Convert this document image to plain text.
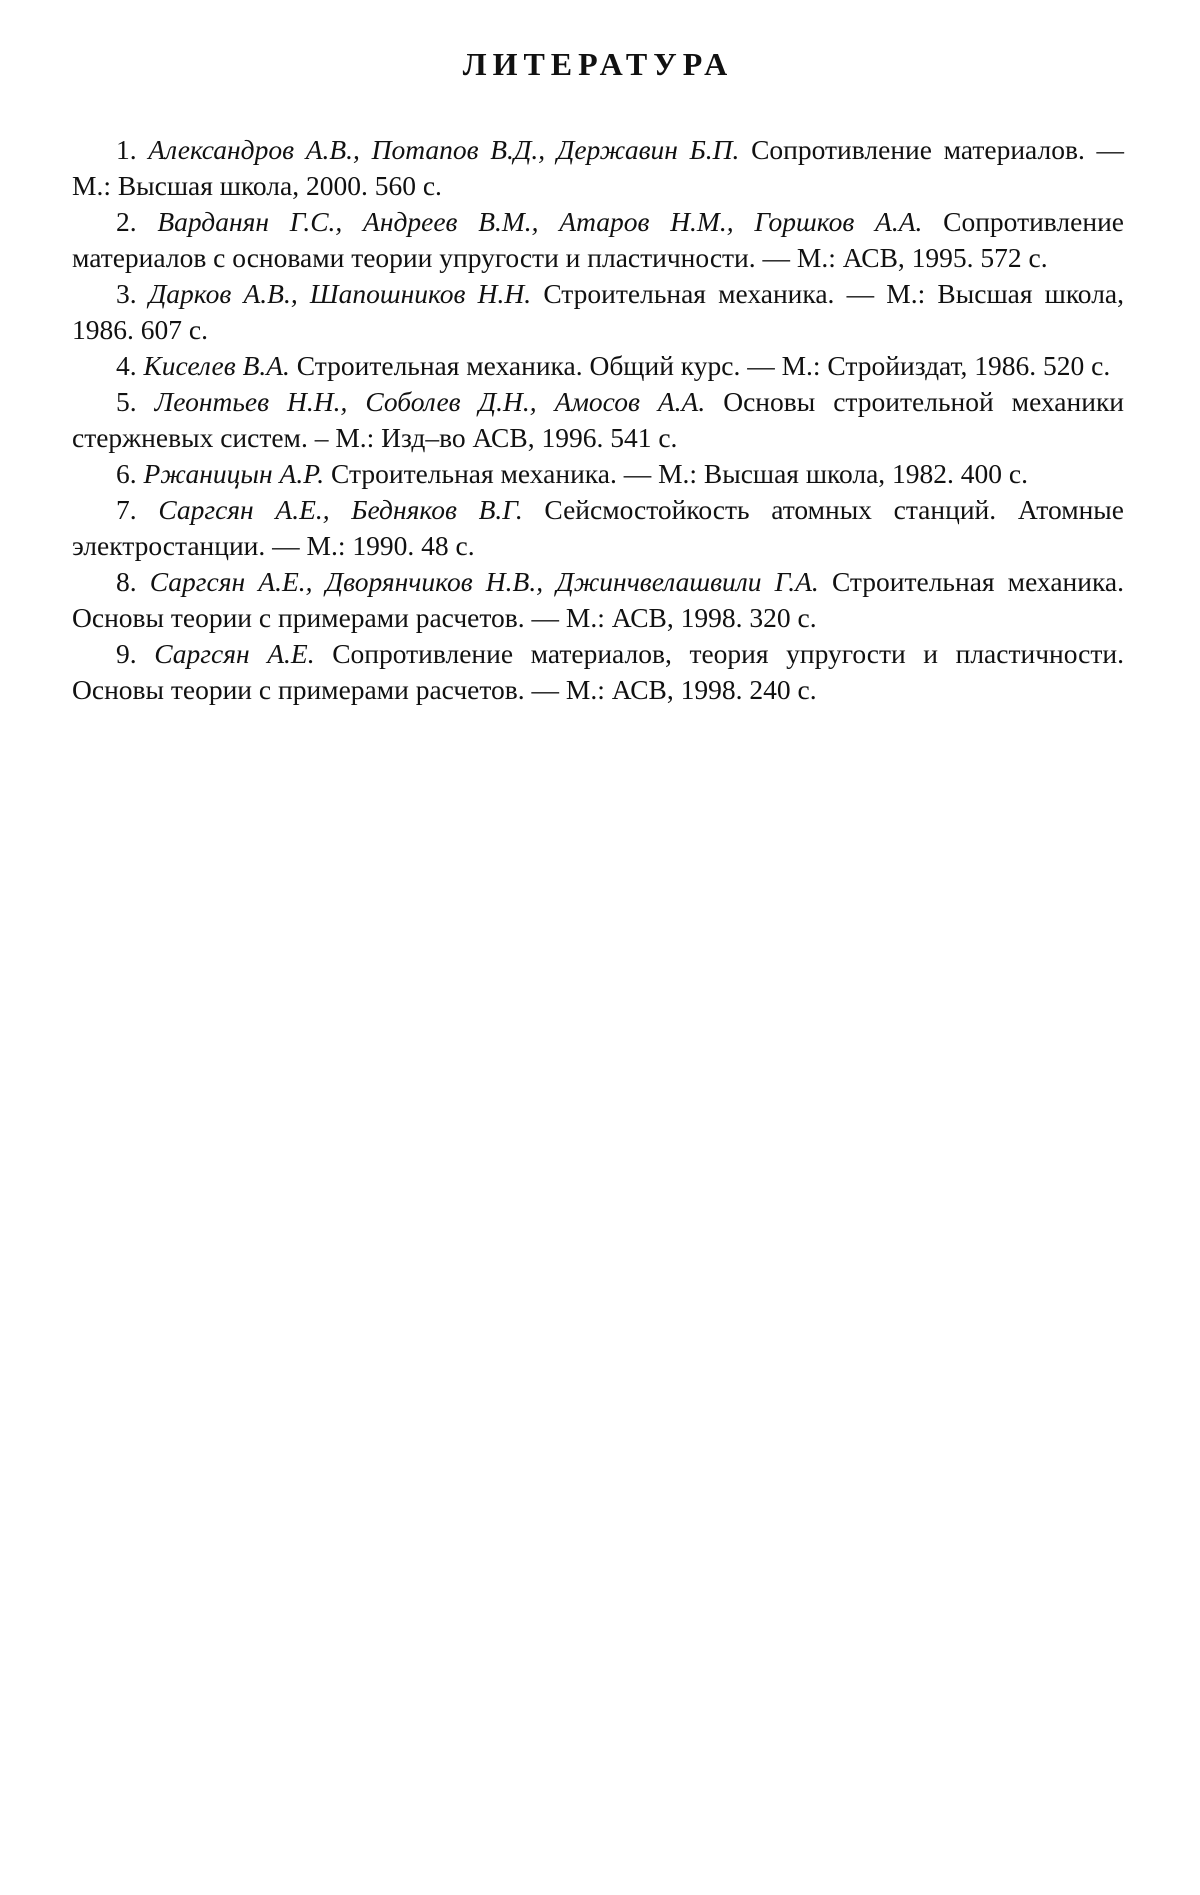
ЛИТЕРАТУРА
1. Александров А.В., Потапов В.Д., Державин Б.П. Сопротивление материалов. — М.: Высшая школа, 2000. 560 с.
2. Варданян Г.С., Андреев В.М., Атаров Н.М., Горшков А.А. Сопротивление материалов с основами теории упругости и пластичности. — М.: АСВ, 1995. 572 с.
3. Дарков А.В., Шапошников Н.Н. Строительная механика. — М.: Высшая школа, 1986. 607 с.
4. Киселев В.А. Строительная механика. Общий курс. — М.: Стройиздат, 1986. 520 с.
5. Леонтьев Н.Н., Соболев Д.Н., Амосов А.А. Основы строительной механики стержневых систем. – М.: Изд–во АСВ, 1996. 541 с.
6. Ржаницын А.Р. Строительная механика. — М.: Высшая школа, 1982. 400 с.
7. Саргсян А.Е., Бедняков В.Г. Сейсмостойкость атомных станций. Атомные электростанции. — М.: 1990. 48 с.
8. Саргсян А.Е., Дворянчиков Н.В., Джинчвелашвили Г.А. Строительная механика. Основы теории с примерами расчетов. — М.: АСВ, 1998. 320 с.
9. Саргсян А.Е. Сопротивление материалов, теория упругости и пластичности. Основы теории с примерами расчетов. — М.: АСВ, 1998. 240 с.
